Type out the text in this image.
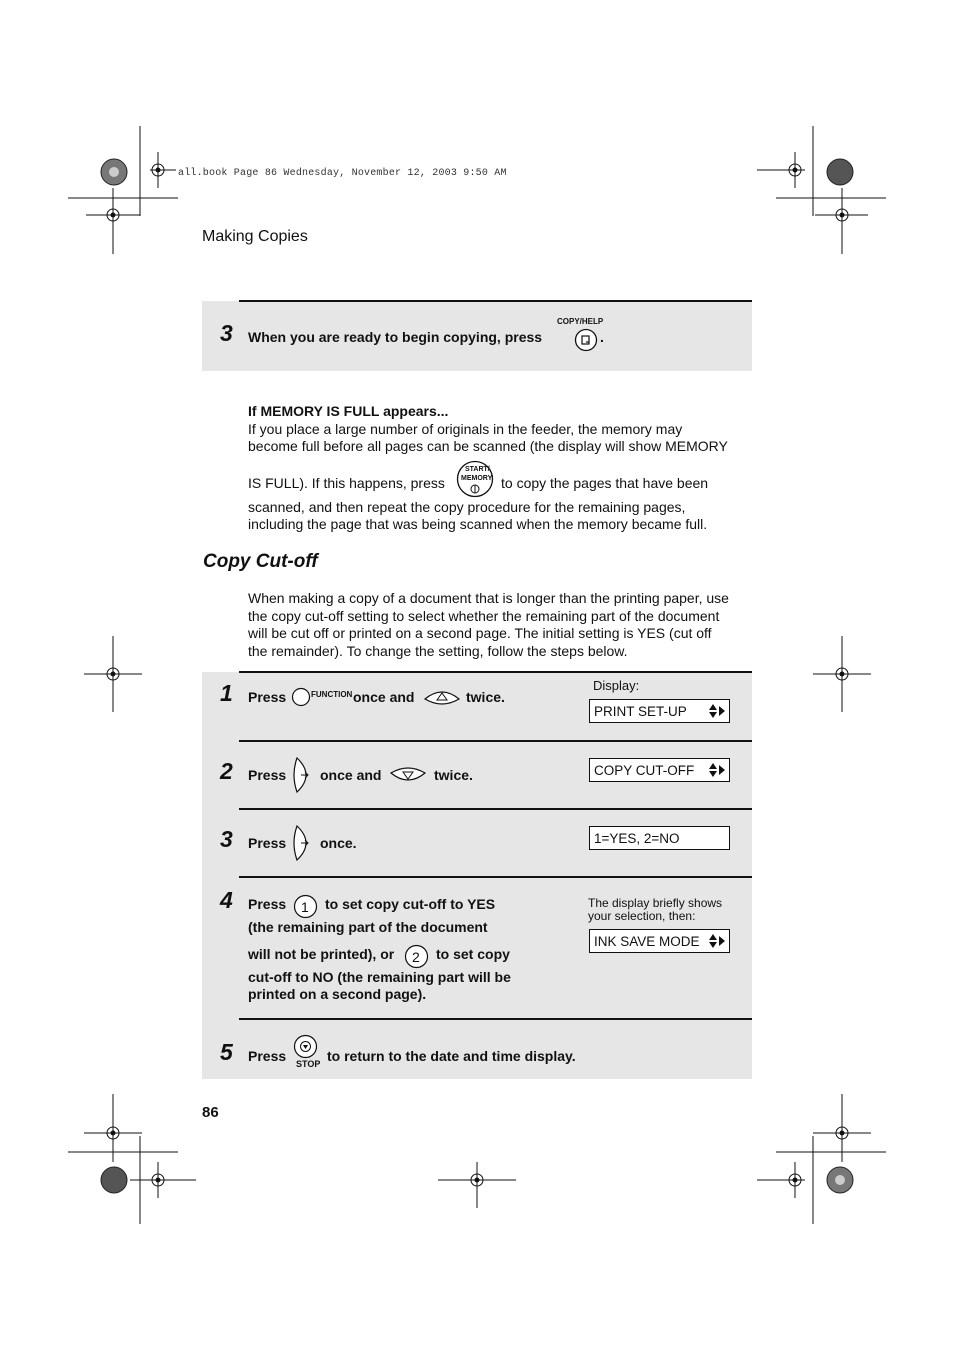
all.book Page 86 Wednesday, November 12, 2003 9:50 AM
Making Copies
3 When you are ready to begin copying, press
COPY/HELP
.
If MEMORY IS FULL appears...
If you place a large number of originals in the feeder, the memory may
become full before all pages can be scanned (the display will show MEMORY
IS FULL). If this happens, press
START/
MEMORY to copy the pages that have been
scanned, and then repeat the copy procedure for the remaining pages,
including the page that was being scanned when the memory became full.
Copy Cut-off
When making a copy of a document that is longer than the printing paper, use
the copy cut-off setting to select whether the remaining part of the document
will be cut off or printed on a second page. The initial setting is YES (cut off
the remainder). To change the setting, follow the steps below.
1 Press	FUNCTION once and	twice.
Display:
PRINT SET-UP
2 Press once and	twice.	COPY CUT-OFF
3 Press once.	1=YES, 2=NO
4 Press 1 to set copy cut-off to YES
(the remaining part of the document
will not be printed), or 2 to set copy
cut-off to NO (the remaining part will be
printed on a second page).
The display briefly shows
your selection, then:
INK SAVE MODE
5 Press STOP to return to the date and time display.
86
